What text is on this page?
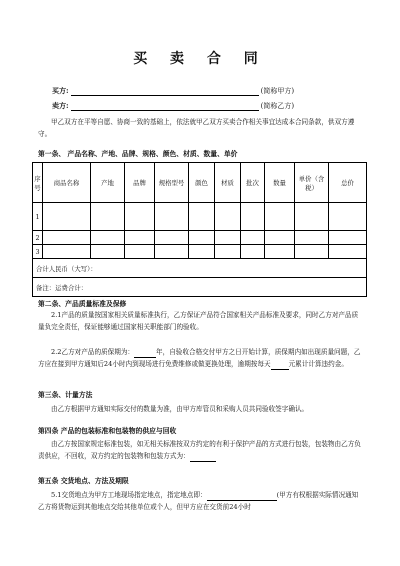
买 卖 合 同
买方:	(简称甲方)
卖方:	(简称乙方)
甲乙双方在平等自愿、协商一致的基础上，依法就甲乙双方买卖合作相关事宜达成本合同条款，供双方遵守。
第一条、 产品名称、产地、品牌、规格、颜色、材质、数量、单价
序号	商品名称	产地	品牌	规格型号	颜色	材质	批次	数量	单价（含税）	总价
1										
2										
3										
合计人民币（大写）：										
备注：运费合计：										
第二条、产品质量标准及保修
2.1产品的质量按国家相关质量标准执行，乙方保证产品符合国家相关产品标准及要求，同时乙方对产品质量负完全责任，保证能够通过国家相关职能部门的验收。
2.2乙方对产品的质保期为：	年，自验收合格交付甲方之日开始计算，质保期内如出现质量问题，乙方应在接到甲方通知后24小时内到现场进行免费维修或做更换处理，逾期按每天	元累计计算违约金。
第三条、计量方法
由乙方根据甲方通知实际交付的数量为准，由甲方库管员和采购人员共同验收签字确认。
第四条 产品的包装标准和包装物的供应与回收
由乙方按国家规定标准包装，如无相关标准按双方约定的有利于保护产品的方式进行包装，包装物由乙方负责供应，不回收，双方约定的包装物和包装方式为：
第五条 交货地点、方法及期限
5.1交货地点为甲方工地现场指定地点，指定地点即：	(甲方有权根据实际情况通知乙方将货物运到其他地点交给其他单位或个人，但甲方应在交货前24小时
